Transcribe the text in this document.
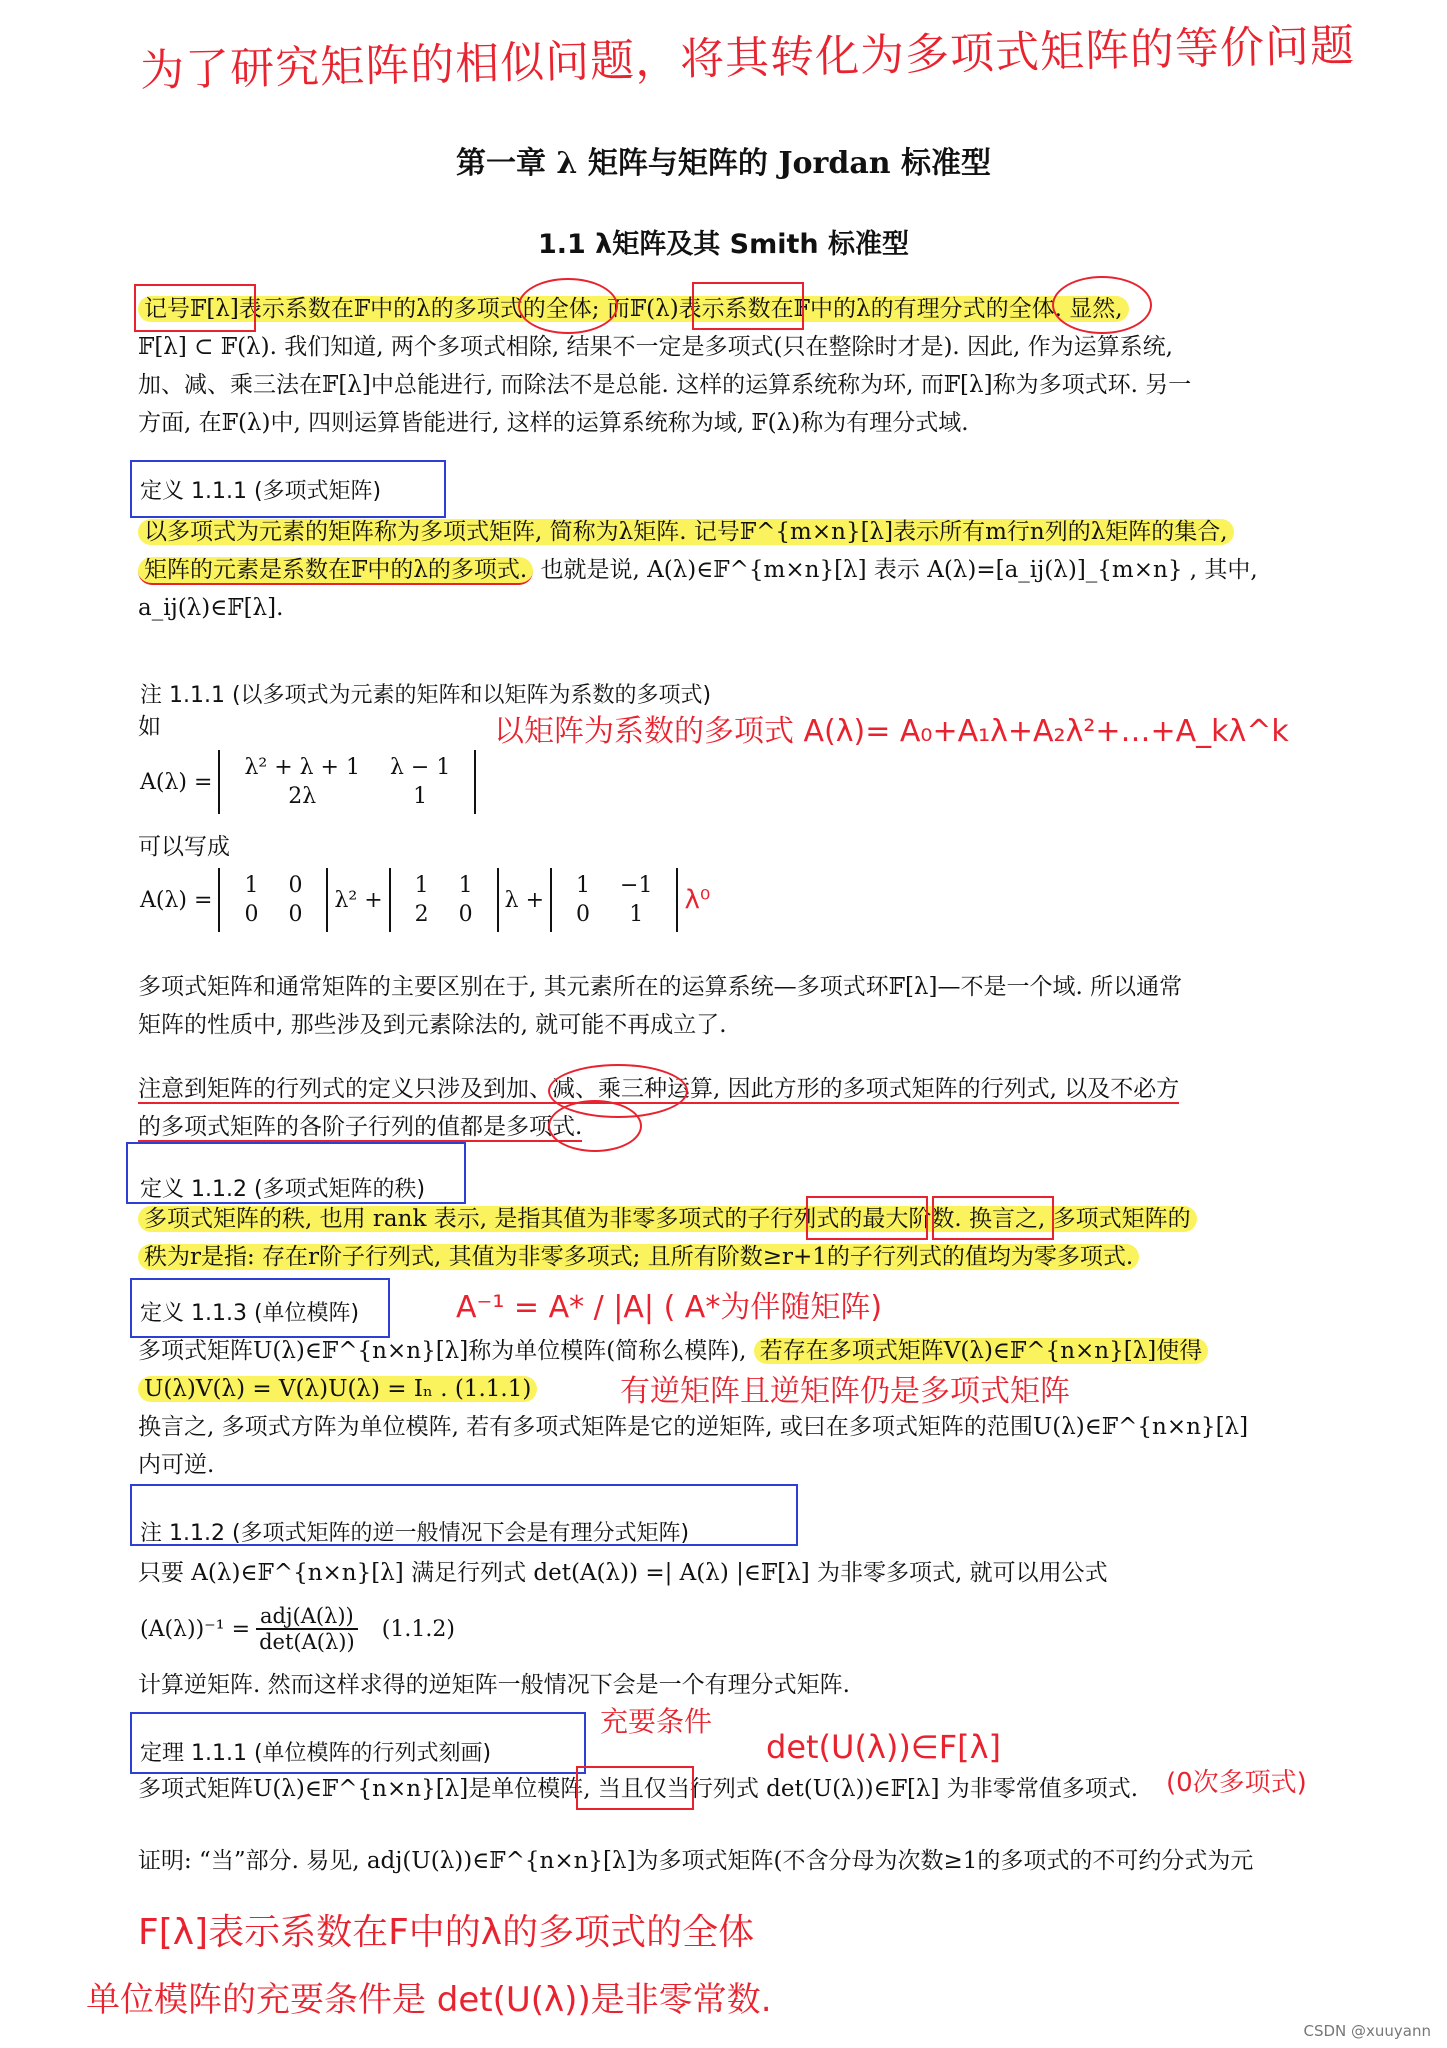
为了研究矩阵的相似问题，将其转化为多项式矩阵的等价问题
第一章 λ 矩阵与矩阵的 Jordan 标准型
1.1 λ矩阵及其 Smith 标准型
记号𝔽[λ]表示系数在𝔽中的λ的多项式的全体; 而𝔽(λ)表示系数在𝔽中的λ的有理分式的全体. 显然,
𝔽[λ] ⊂ 𝔽(λ). 我们知道, 两个多项式相除, 结果不一定是多项式(只在整除时才是). 因此, 作为运算系统,
加、减、乘三法在𝔽[λ]中总能进行, 而除法不是总能. 这样的运算系统称为环, 而𝔽[λ]称为多项式环. 另一
方面, 在𝔽(λ)中, 四则运算皆能进行, 这样的运算系统称为域, 𝔽(λ)称为有理分式域.
定义 1.1.1 (多项式矩阵)
以多项式为元素的矩阵称为多项式矩阵, 简称为λ矩阵. 记号𝔽^{m×n}[λ]表示所有m行n列的λ矩阵的集合,
矩阵的元素是系数在𝔽中的λ的多项式. 也就是说, A(λ)∈𝔽^{m×n}[λ] 表示 A(λ)=[a_ij(λ)]_{m×n} , 其中,
a_ij(λ)∈𝔽[λ].
注 1.1.1 (以多项式为元素的矩阵和以矩阵为系数的多项式)
如	以矩阵为系数的多项式 A(λ)= A₀+A₁λ+A₂λ²+…+A_kλ^k
A(λ) =
λ² + λ + 1	λ − 1
2λ	1
可以写成
A(λ) =
1	0
0	0
λ² +
1	1
2	0
λ +
1	−1
0	1 λ⁰
多项式矩阵和通常矩阵的主要区别在于, 其元素所在的运算系统—多项式环𝔽[λ]—不是一个域. 所以通常
矩阵的性质中, 那些涉及到元素除法的, 就可能不再成立了.
注意到矩阵的行列式的定义只涉及到加、减、乘三种运算, 因此方形的多项式矩阵的行列式, 以及不必方
的多项式矩阵的各阶子行列的值都是多项式.
定义 1.1.2 (多项式矩阵的秩)
多项式矩阵的秩, 也用 rank 表示, 是指其值为非零多项式的子行列式的最大阶数. 换言之, 多项式矩阵的
秩为r是指: 存在r阶子行列式, 其值为非零多项式; 且所有阶数≥r+1的子行列式的值均为零多项式.
定义 1.1.3 (单位模阵)	A⁻¹ = A* / |A| ( A*为伴随矩阵)
多项式矩阵U(λ)∈𝔽^{n×n}[λ]称为单位模阵(简称么模阵), 若存在多项式矩阵V(λ)∈𝔽^{n×n}[λ]使得
U(λ)V(λ) = V(λ)U(λ) = Iₙ . (1.1.1)
换言之, 多项式方阵为单位模阵, 若有多项式矩阵是它的逆矩阵, 或曰在多项式矩阵的范围U(λ)∈𝔽^{n×n}[λ]
内可逆.
有逆矩阵且逆矩阵仍是多项式矩阵
注 1.1.2 (多项式矩阵的逆一般情况下会是有理分式矩阵)
只要 A(λ)∈𝔽^{n×n}[λ] 满足行列式 det(A(λ)) =| A(λ) |∈𝔽[λ] 为非零多项式, 就可以用公式
$(A(\lambda))^{-1} = \frac{\text{adj(A(λ))}}{\det(A(\lambda))} (1.1.2)$
计算逆矩阵. 然而这样求得的逆矩阵一般情况下会是一个有理分式矩阵.
定理 1.1.1 (单位模阵的行列式刻画)
充要条件
det(U(λ))∈F[λ]
多项式矩阵U(λ)∈𝔽^{n×n}[λ]是单位模阵, 当且仅当行列式 det(U(λ))∈𝔽[λ] 为非零常值多项式.	(0次多项式)
证明: “当”部分. 易见, adj(U(λ))∈𝔽^{n×n}[λ]为多项式矩阵(不含分母为次数≥1的多项式的不可约分式为元
F[λ]表示系数在F中的λ的多项式的全体
单位模阵的充要条件是 det(U(λ))是非零常数.
CSDN @xuuyann
